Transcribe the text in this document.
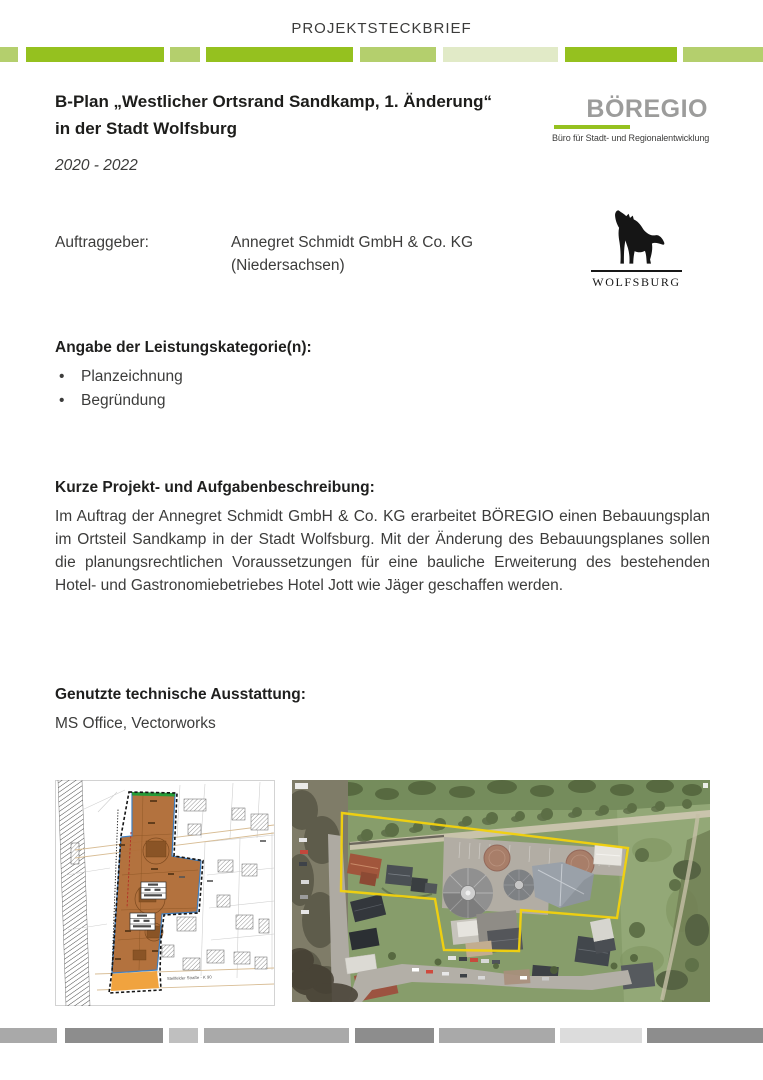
PROJEKTSTECKBRIEF
B-Plan „Westlicher Ortsrand Sandkamp, 1. Änderung“
in der Stadt Wolfsburg
2020 - 2022
BÖREGIO
Büro für Stadt- und Regionalentwicklung
Auftraggeber:	Annegret Schmidt GmbH & Co. KG
(Niedersachsen)
WOLFSBURG
Angabe der Leistungskategorie(n):
• Planzeichnung
• Begründung
Kurze Projekt- und Aufgabenbeschreibung:

Im Auftrag der Annegret Schmidt GmbH & Co. KG erarbeitet BÖREGIO einen Bebauungsplan im Ortsteil Sandkamp in der Stadt Wolfsburg. Mit der Änderung des Bebauungsplanes sollen die planungsrechtlichen Voraussetzungen für eine bauliche Erweiterung des bestehenden Hotel- und Gastronomiebetriebes Hotel Jott wie Jäger geschaffen werden.

Genutzte technische Ausstattung:
MS Office, Vectorworks
Stellfelder Straße - K 90
